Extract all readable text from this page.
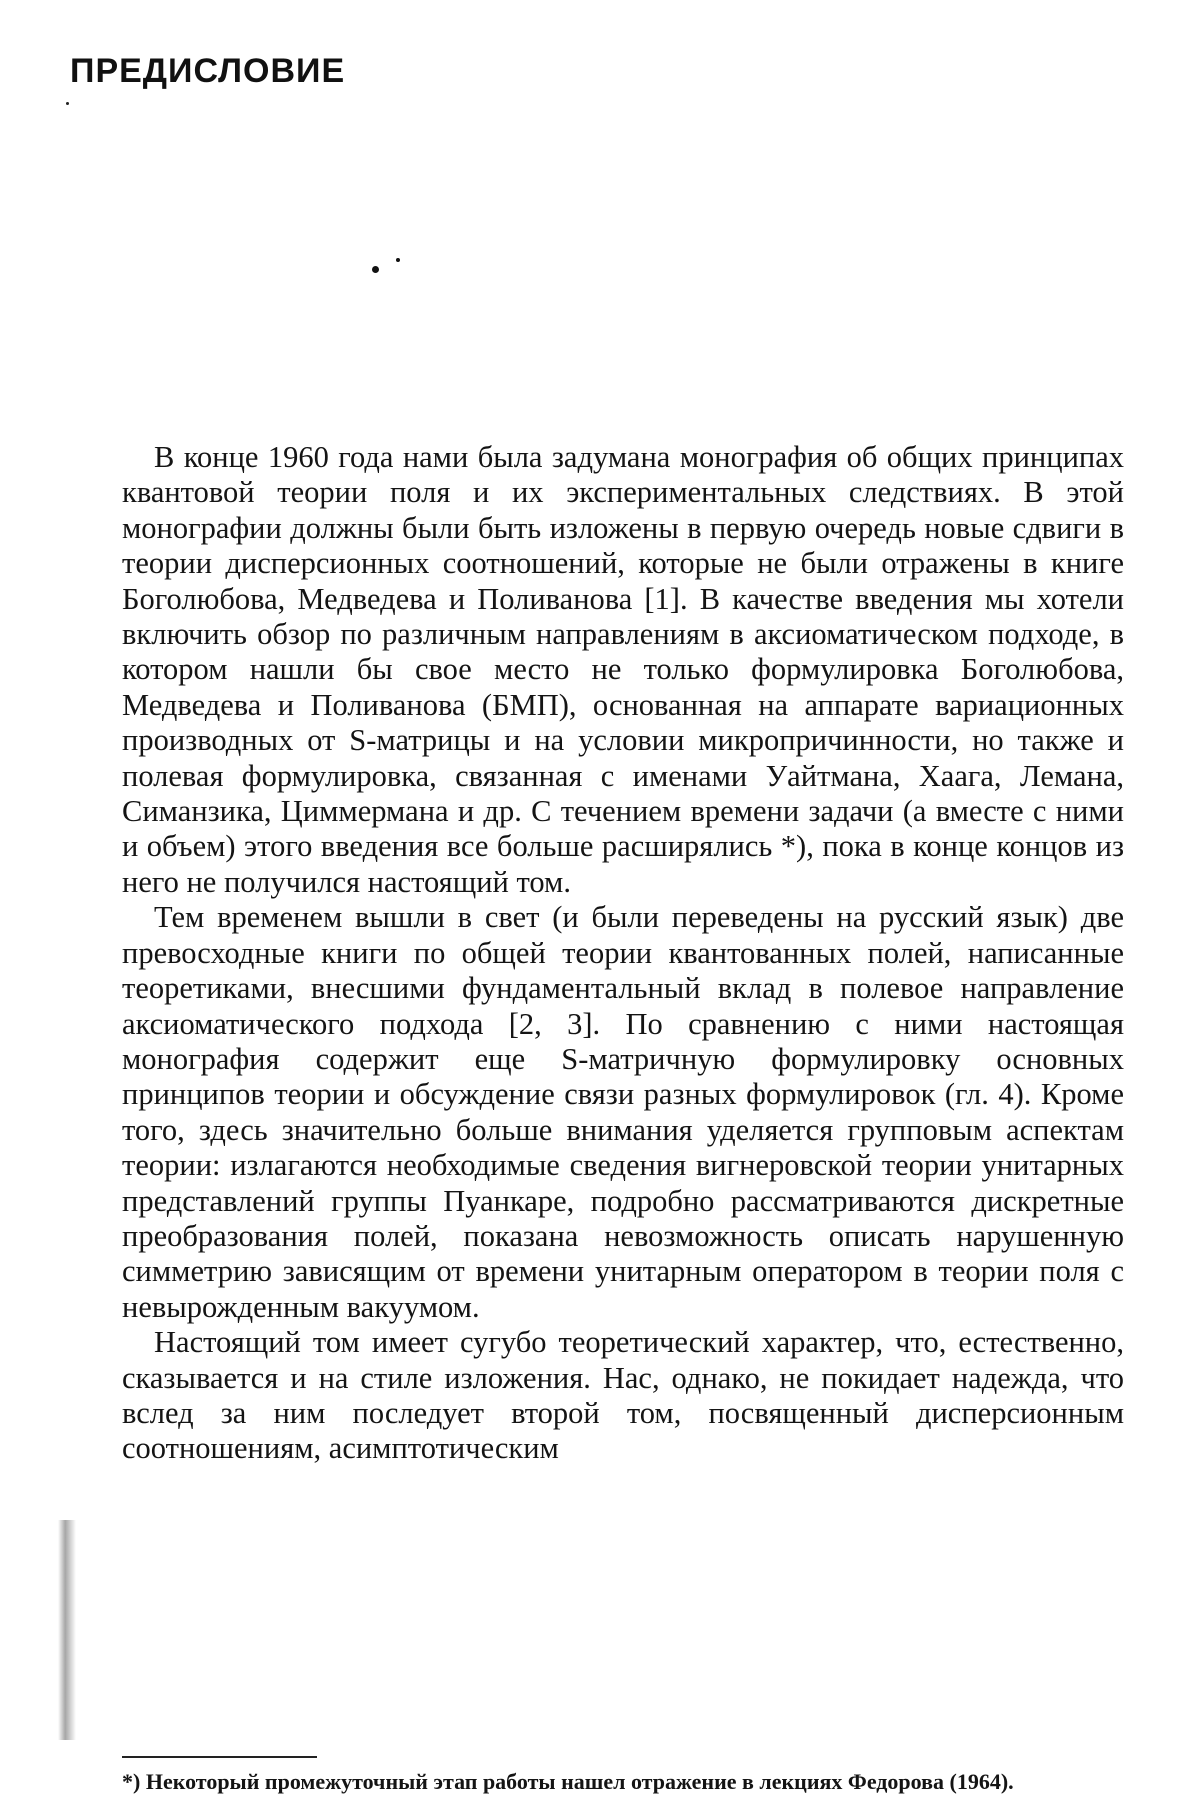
ПРЕДИСЛОВИЕ

В конце 1960 года нами была задумана монография об общих принципах квантовой теории поля и их экспериментальных следствиях. В этой монографии должны были быть изложены в первую очередь новые сдвиги в теории дисперсионных соотношений, которые не были отражены в книге Боголюбова, Медведева и Поливанова [1]. В качестве введения мы хотели включить обзор по различным направлениям в аксиоматическом подходе, в котором нашли бы свое место не только формулировка Боголюбова, Медведева и Поливанова (БМП), основанная на аппарате вариационных производных от S-матрицы и на условии микропричинности, но также и полевая формулировка, связанная с именами Уайтмана, Хаага, Лемана, Симанзика, Циммермана и др. С течением времени задачи (а вместе с ними и объем) этого введения все больше расширялись *), пока в конце концов из него не получился настоящий том.

Тем временем вышли в свет (и были переведены на русский язык) две превосходные книги по общей теории квантованных полей, написанные теоретиками, внесшими фундаментальный вклад в полевое направление аксиоматического подхода [2, 3]. По сравнению с ними настоящая монография содержит еще S-матричную формулировку основных принципов теории и обсуждение связи разных формулировок (гл. 4). Кроме того, здесь значительно больше внимания уделяется групповым аспектам теории: излагаются необходимые сведения вигнеровской теории унитарных представлений группы Пуанкаре, подробно рассматриваются дискретные преобразования полей, показана невозможность описать нарушенную симметрию зависящим от времени унитарным оператором в теории поля с невырожденным вакуумом.

Настоящий том имеет сугубо теоретический характер, что, естественно, сказывается и на стиле изложения. Нас, однако, не покидает надежда, что вслед за ним последует второй том, посвященный дисперсионным соотношениям, асимптотическим

*) Некоторый промежуточный этап работы нашел отражение в лекциях Федорова (1964).
